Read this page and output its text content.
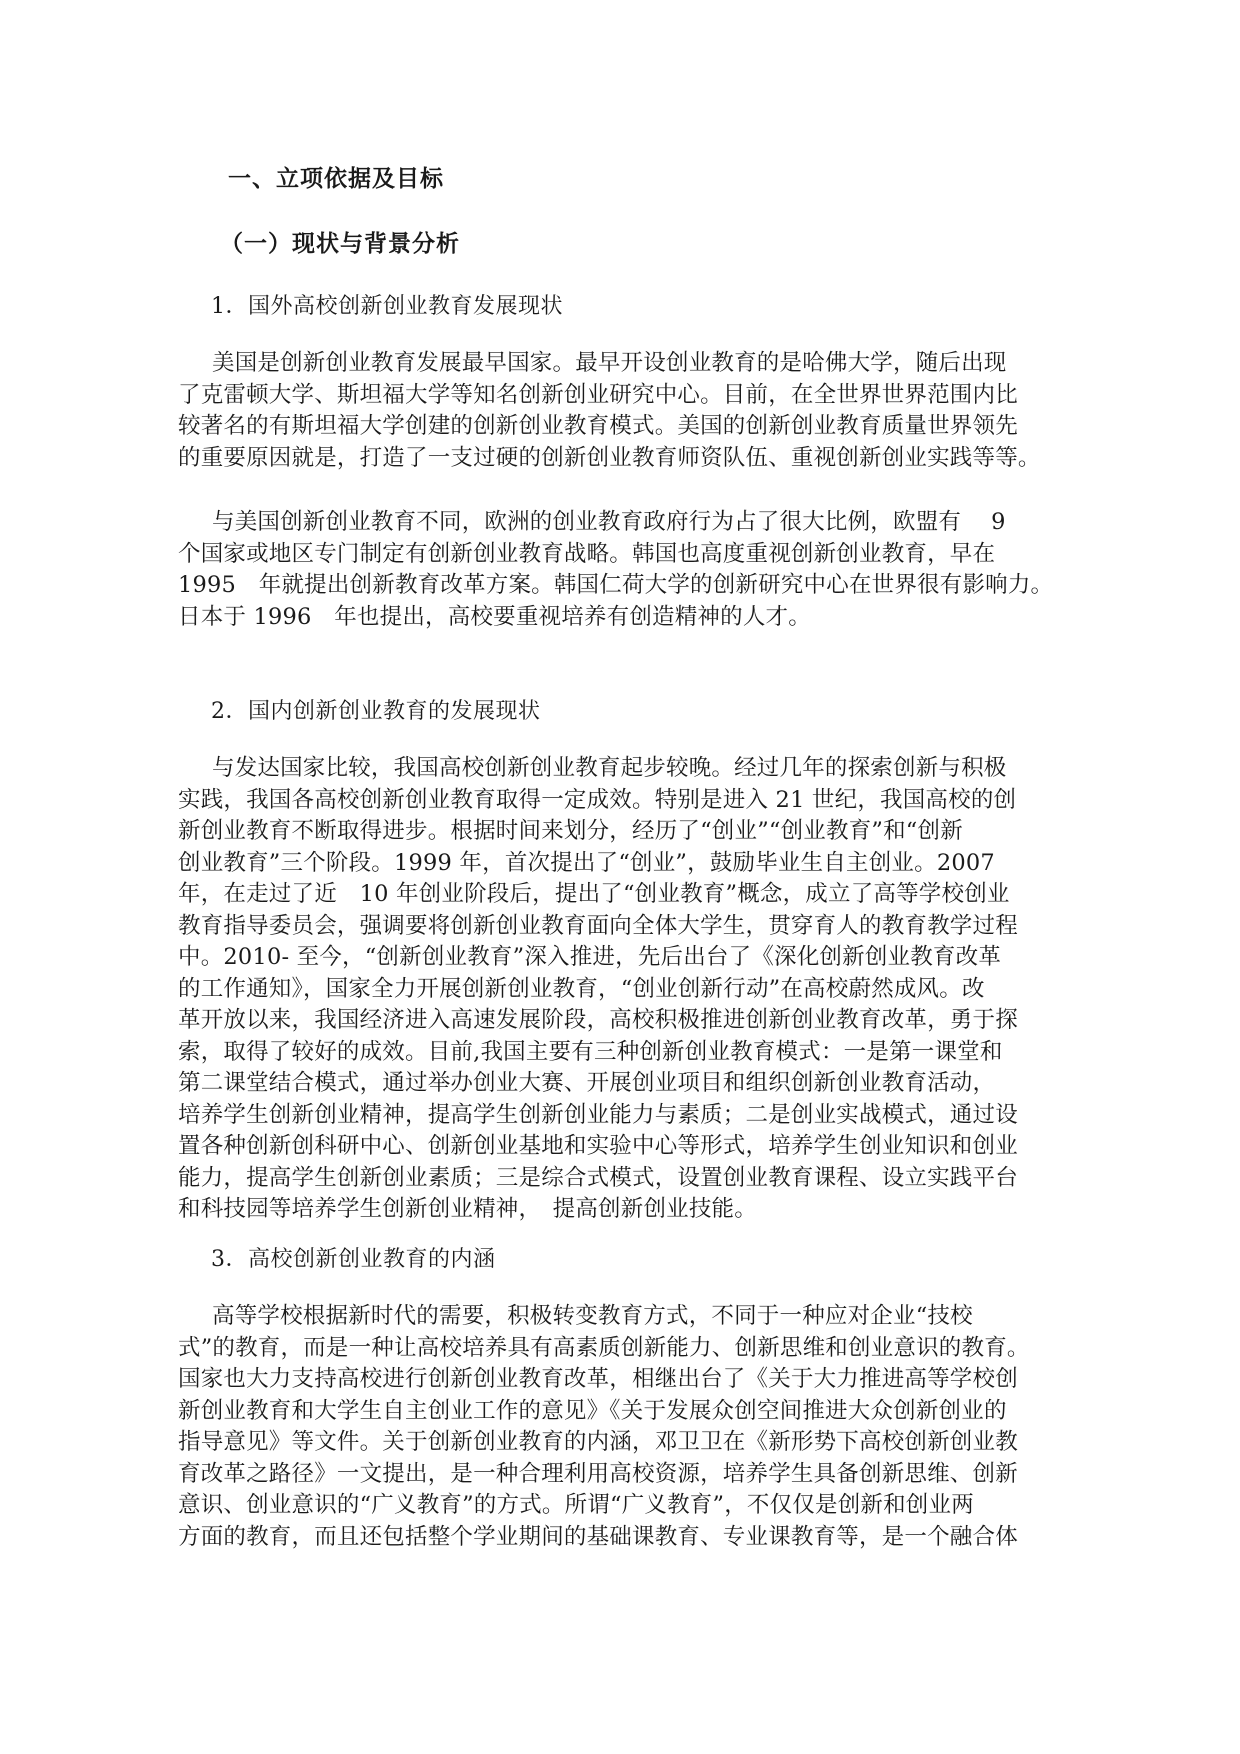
一、立项依据及目标
（一）现状与背景分析
1．国外高校创新创业教育发展现状
美国是创新创业教育发展最早国家。最早开设创业教育的是哈佛大学，随后出现
了克雷顿大学、斯坦福大学等知名创新创业研究中心。目前，在全世界世界范围内比
较著名的有斯坦福大学创建的创新创业教育模式。美国的创新创业教育质量世界领先
的重要原因就是，打造了一支过硬的创新创业教育师资队伍、重视创新创业实践等等。
与美国创新创业教育不同，欧洲的创业教育政府行为占了很大比例，欧盟有　 9
个国家或地区专门制定有创新创业教育战略。韩国也高度重视创新创业教育，早在
1995　年就提出创新教育改革方案。韩国仁荷大学的创新研究中心在世界很有影响力。
日本于 1996　年也提出，高校要重视培养有创造精神的人才。
2．国内创新创业教育的发展现状
与发达国家比较，我国高校创新创业教育起步较晚。经过几年的探索创新与积极
实践，我国各高校创新创业教育取得一定成效。特别是进入 21 世纪，我国高校的创
新创业教育不断取得进步。根据时间来划分，经历了“创业”“创业教育”和“创新
创业教育”三个阶段。1999 年，首次提出了“创业”，鼓励毕业生自主创业。2007
年，在走过了近　10 年创业阶段后，提出了“创业教育”概念，成立了高等学校创业
教育指导委员会，强调要将创新创业教育面向全体大学生，贯穿育人的教育教学过程
中。2010- 至今，“创新创业教育”深入推进，先后出台了《深化创新创业教育改革
的工作通知》，国家全力开展创新创业教育，“创业创新行动”在高校蔚然成风。改
革开放以来，我国经济进入高速发展阶段，高校积极推进创新创业教育改革，勇于探
索，取得了较好的成效。目前,我国主要有三种创新创业教育模式：一是第一课堂和
第二课堂结合模式，通过举办创业大赛、开展创业项目和组织创新创业教育活动，
培养学生创新创业精神，提高学生创新创业能力与素质；二是创业实战模式，通过设
置各种创新创科研中心、创新创业基地和实验中心等形式，培养学生创业知识和创业
能力，提高学生创新创业素质；三是综合式模式，设置创业教育课程、设立实践平台
和科技园等培养学生创新创业精神，　提高创新创业技能。
3．高校创新创业教育的内涵
高等学校根据新时代的需要，积极转变教育方式，不同于一种应对企业“技校
式”的教育，而是一种让高校培养具有高素质创新能力、创新思维和创业意识的教育。
国家也大力支持高校进行创新创业教育改革，相继出台了《关于大力推进高等学校创
新创业教育和大学生自主创业工作的意见》《关于发展众创空间推进大众创新创业的
指导意见》等文件。关于创新创业教育的内涵，邓卫卫在《新形势下高校创新创业教
育改革之路径》一文提出，是一种合理利用高校资源，培养学生具备创新思维、创新
意识、创业意识的“广义教育”的方式。所谓“广义教育”，不仅仅是创新和创业两
方面的教育，而且还包括整个学业期间的基础课教育、专业课教育等，是一个融合体
